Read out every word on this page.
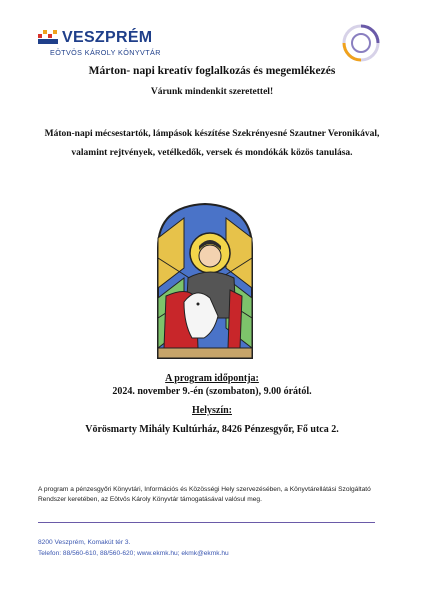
VESZPRÉM
EÖTVÖS KÁROLY KÖNYVTÁR
Márton- napi kreatív foglalkozás és megemlékezés
Várunk mindenkit szeretettel!
Máton-napi mécsestartók, lámpások készítése Szekrényesné Szautner Veronikával, valamint rejtvények, vetélkedők, versek és mondókák közös tanulása.
A program időpontja:
2024. november 9.-én (szombaton), 9.00 órától.
Helyszín:
Vörösmarty Mihály Kultúrház, 8426 Pénzesgyőr, Fő utca 2.
A program a pénzesgyőri Könyvtári, Információs és Közösségi Hely szervezésében, a Könyvtárellátási Szolgáltató Rendszer keretében, az Eötvös Károly Könyvtár támogatásával valósul meg.
8200 Veszprém, Komakút tér 3.
Telefon: 88/560-610, 88/560-620; www.ekmk.hu; ekmk@ekmk.hu
